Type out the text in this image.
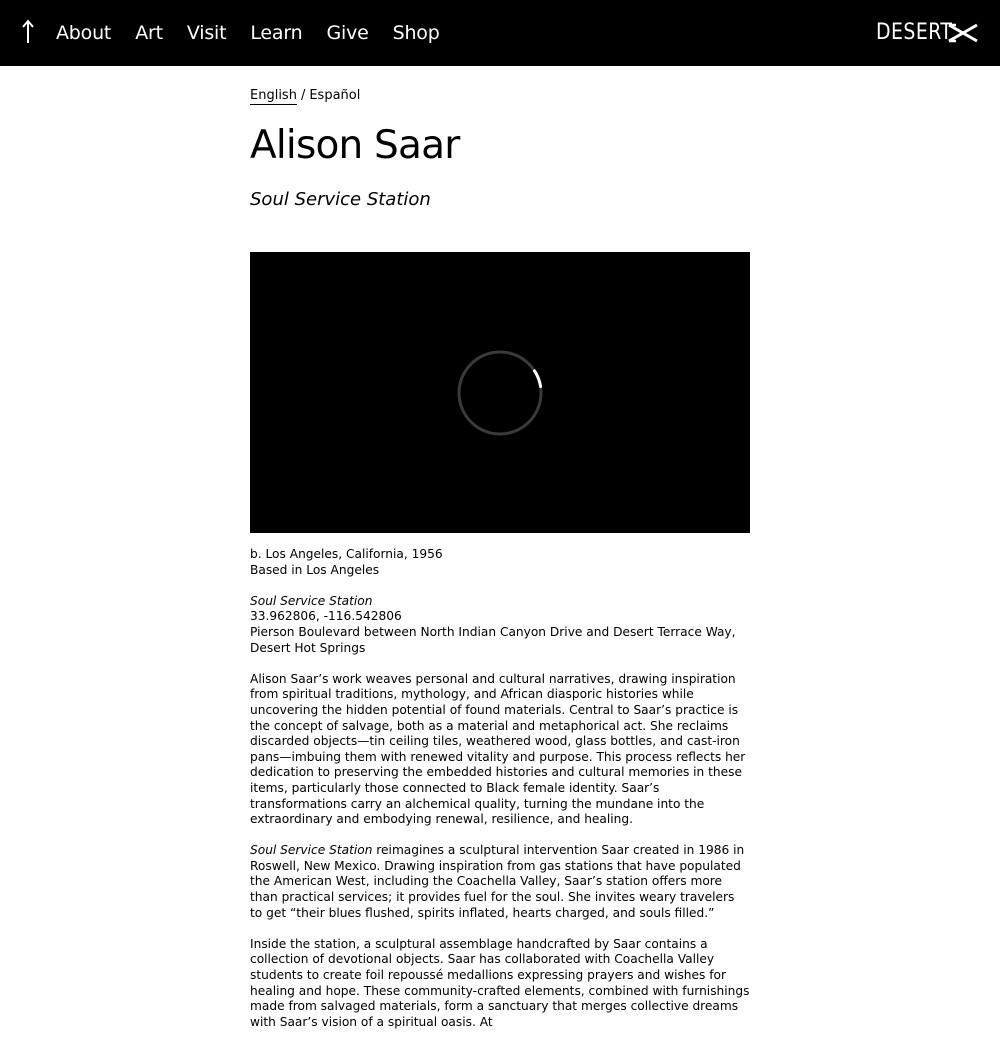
About Art Visit Learn Give Shop	DESERT
English / Español
Alison Saar
Soul Service Station

b. Los Angeles, California, 1956
Based in Los Angeles

Soul Service Station
33.962806, -116.542806
Pierson Boulevard between North Indian Canyon Drive and Desert Terrace Way, Desert Hot Springs

Alison Saar’s work weaves personal and cultural narratives, drawing inspiration from spiritual traditions, mythology, and African diasporic histories while uncovering the hidden potential of found materials. Central to Saar’s practice is the concept of salvage, both as a material and metaphorical act. She reclaims discarded objects—tin ceiling tiles, weathered wood, glass bottles, and cast-iron pans—imbuing them with renewed vitality and purpose. This process reflects her dedication to preserving the embedded histories and cultural memories in these items, particularly those connected to Black female identity. Saar’s transformations carry an alchemical quality, turning the mundane into the extraordinary and embodying renewal, resilience, and healing.

Soul Service Station reimagines a sculptural intervention Saar created in 1986 in Roswell, New Mexico. Drawing inspiration from gas stations that have populated the American West, including the Coachella Valley, Saar’s station offers more than practical services; it provides fuel for the soul. She invites weary travelers to get “their blues flushed, spirits inflated, hearts charged, and souls filled.”

Inside the station, a sculptural assemblage handcrafted by Saar contains a collection of devotional objects. Saar has collaborated with Coachella Valley students to create foil repoussé medallions expressing prayers and wishes for healing and hope. These community-crafted elements, combined with furnishings made from salvaged materials, form a sanctuary that merges collective dreams with Saar’s vision of a spiritual oasis. At
